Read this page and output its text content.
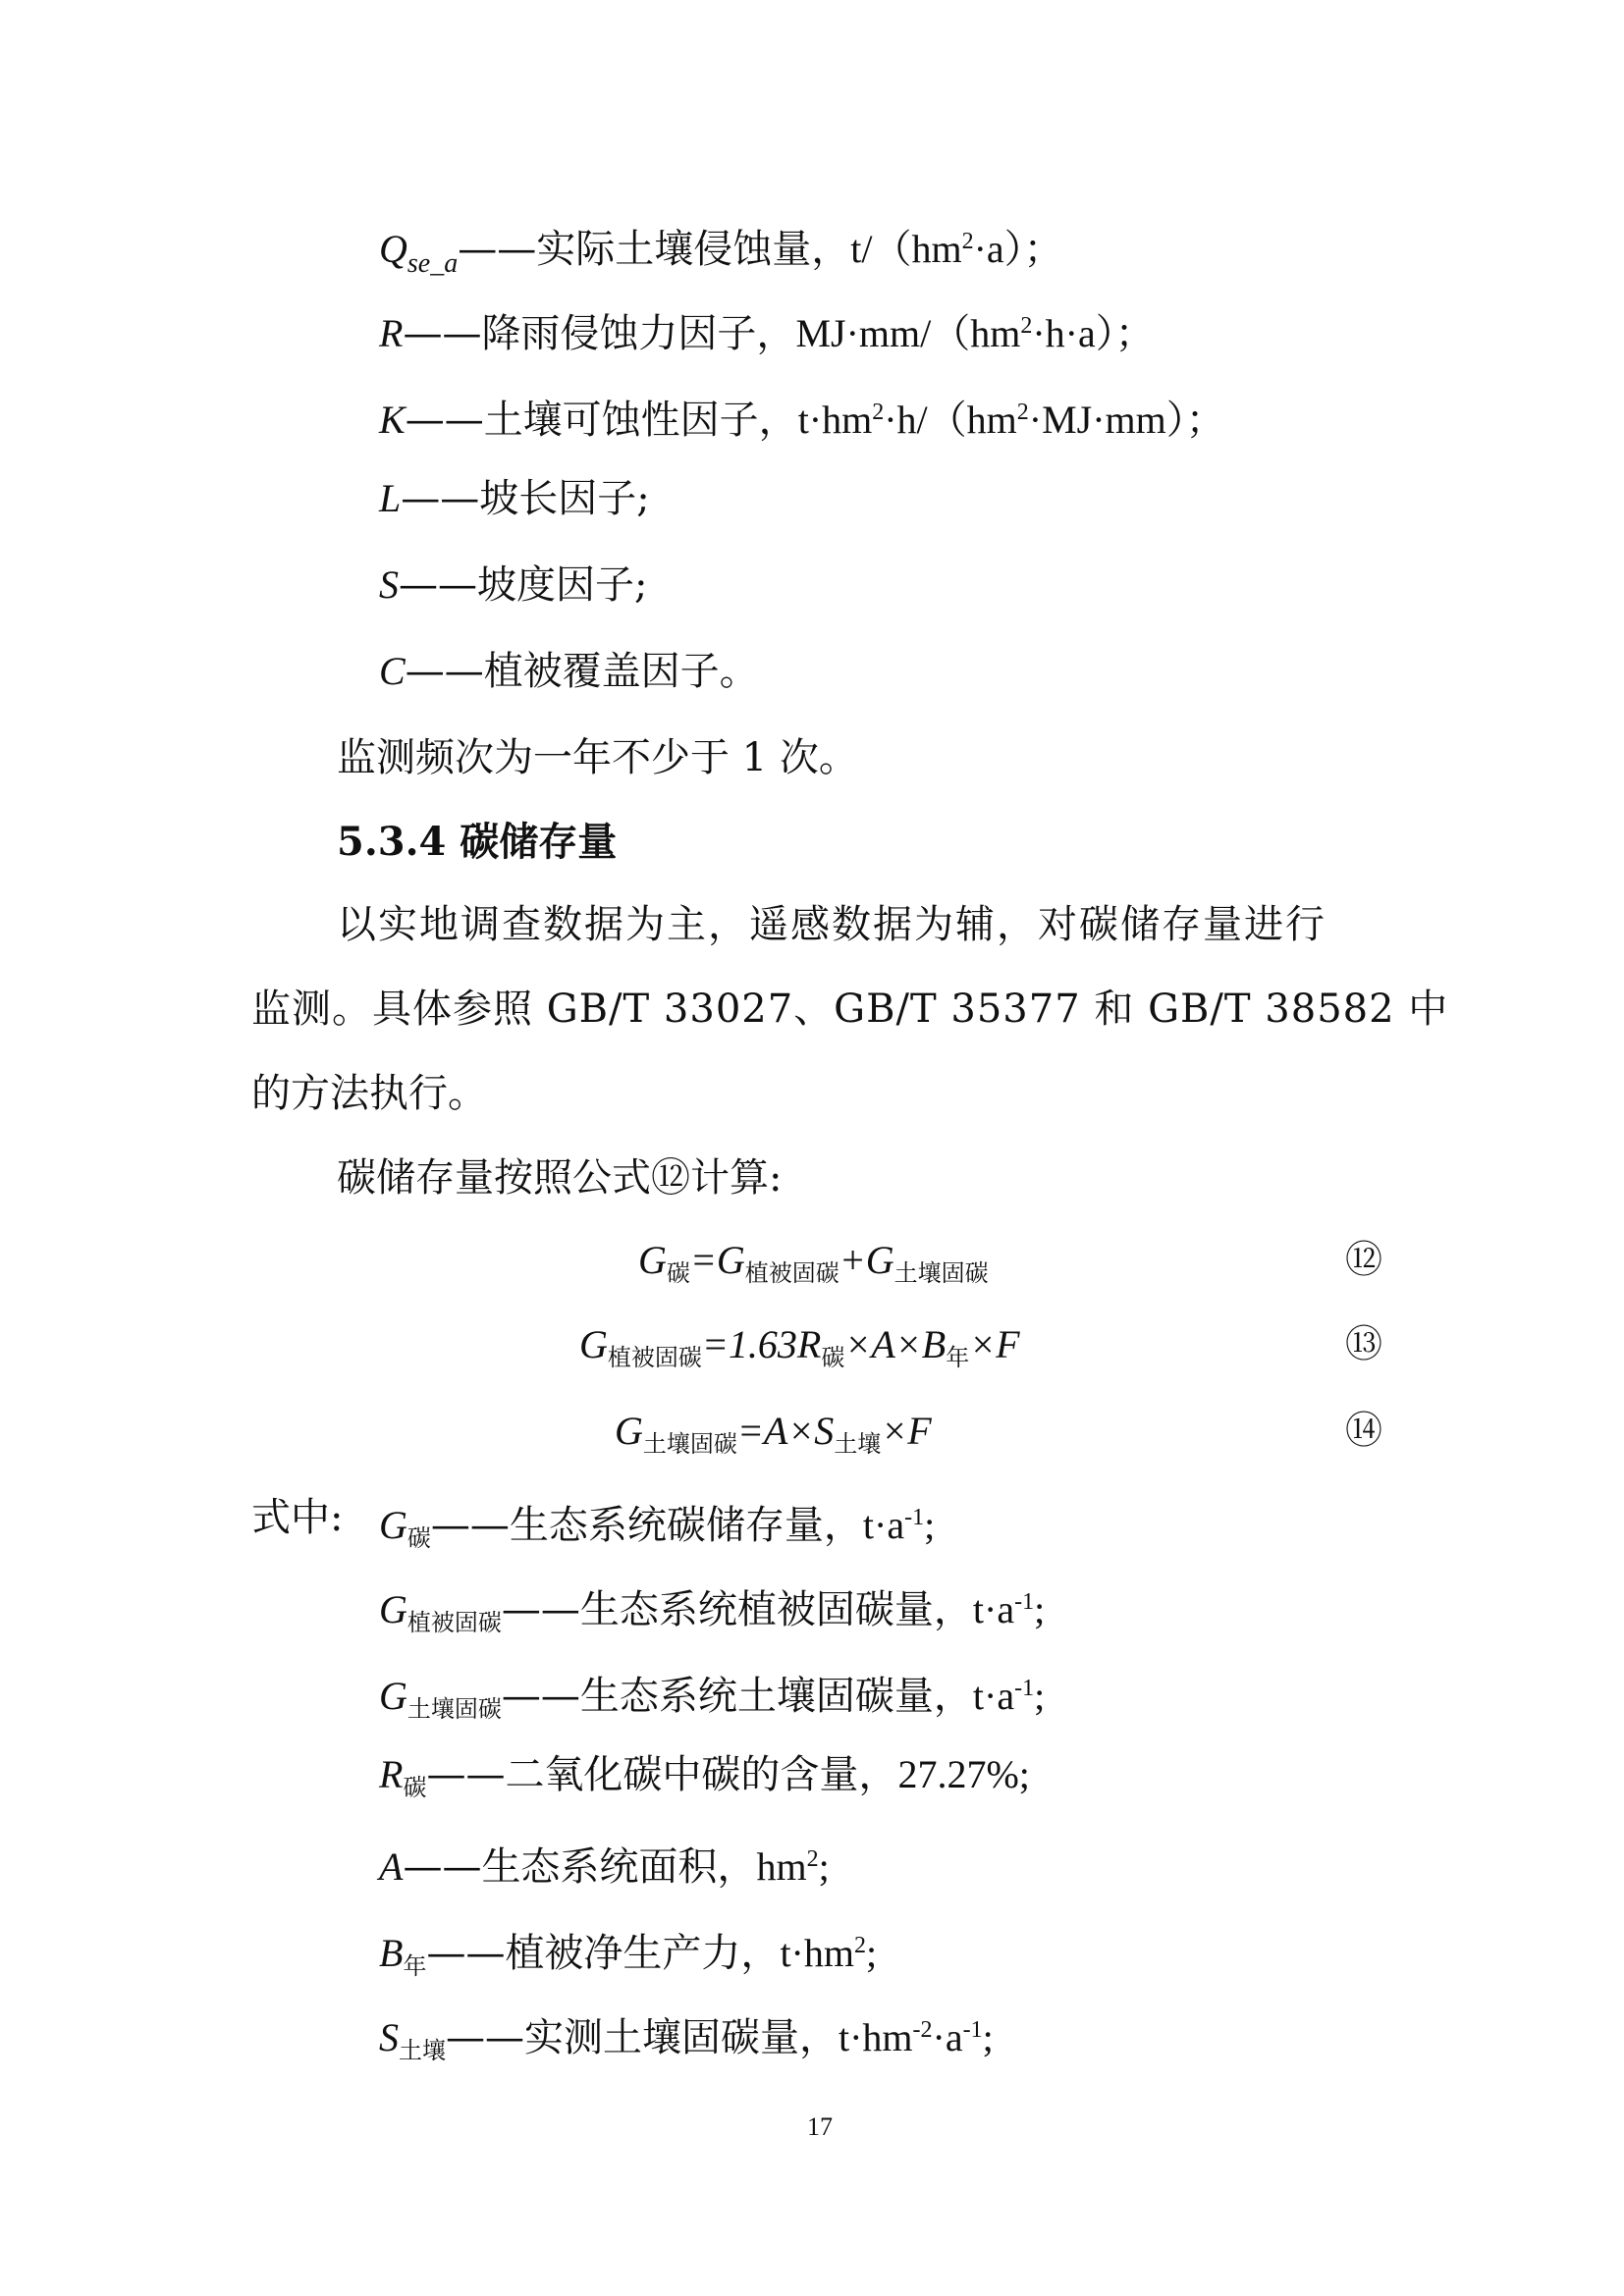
$Q_{se\_a}——$实际土壤侵蚀量，$t/(hm^2\cdot a)$；
R——降雨侵蚀力因子，$MJ\cdot mm/(hm^2\cdot h\cdot a)$；
K——土壤可蚀性因子，$t\cdot hm^2\cdot h/(hm^2\cdot MJ\cdot mm)$；
L——坡长因子;
S——坡度因子;
C——植被覆盖因子。
监测频次为一年不少于 1 次。
5.3.4 碳储存量
以实地调查数据为主，遥感数据为辅，对碳储存量进行
监测。具体参照 GB/T 33027、GB/T 35377 和 GB/T 38582 中
的方法执行。
碳储存量按照公式⑫计算:
$G_碳=G_{植被固碳}+G_{土壤固碳}$	⑫
$G_{植被固碳}=1.63R_碳\times A\times B_年\times F$	⑬
$G_{土壤固碳}=A\times S_{土壤}\times F$	⑭
式中: $G_碳——$生态系统碳储存量，$t\cdot a^{-1}$;
$G_{植被固碳}——$生态系统植被固碳量，$t\cdot a^{-1}$;
$G_{土壤固碳}——$生态系统土壤固碳量，$t\cdot a^{-1}$;
$R_碳——$二氧化碳中碳的含量，27.27%;
A——生态系统面积，$hm^2$;
$B_年——$植被净生产力，$t\cdot hm^2$;
$S_{土壤}——$实测土壤固碳量，$t\cdot hm^{-2}\cdot a^{-1}$;
17
